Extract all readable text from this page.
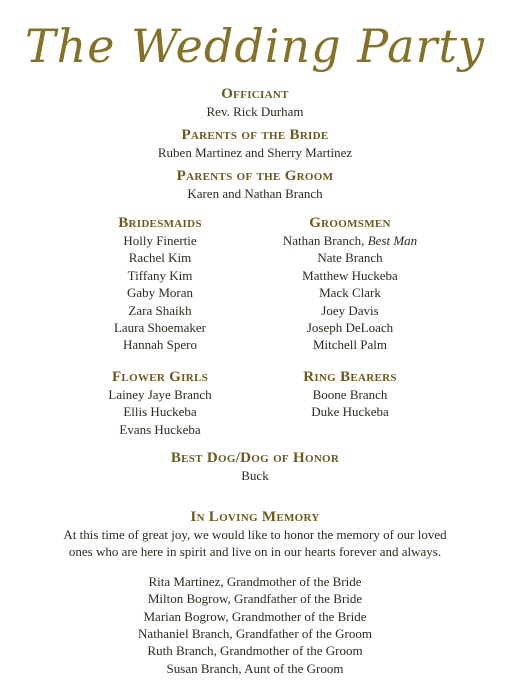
The Wedding Party
Officiant
Rev. Rick Durham
Parents of the Bride
Ruben Martinez and Sherry Martinez
Parents of the Groom
Karen and Nathan Branch
Bridesmaids
Holly Finertie
Rachel Kim
Tiffany Kim
Gaby Moran
Zara Shaikh
Laura Shoemaker
Hannah Spero
Groomsmen
Nathan Branch, Best Man
Nate Branch
Matthew Huckeba
Mack Clark
Joey Davis
Joseph DeLoach
Mitchell Palm
Flower Girls
Lainey Jaye Branch
Ellis Huckeba
Evans Huckeba
Ring Bearers
Boone Branch
Duke Huckeba
Best Dog/Dog of Honor
Buck
In Loving Memory
At this time of great joy, we would like to honor the memory of our loved
ones who are here in spirit and live on in our hearts forever and always.
Rita Martinez, Grandmother of the Bride
Milton Bogrow, Grandfather of the Bride
Marian Bogrow, Grandmother of the Bride
Nathaniel Branch, Grandfather of the Groom
Ruth Branch, Grandmother of the Groom
Susan Branch, Aunt of the Groom
